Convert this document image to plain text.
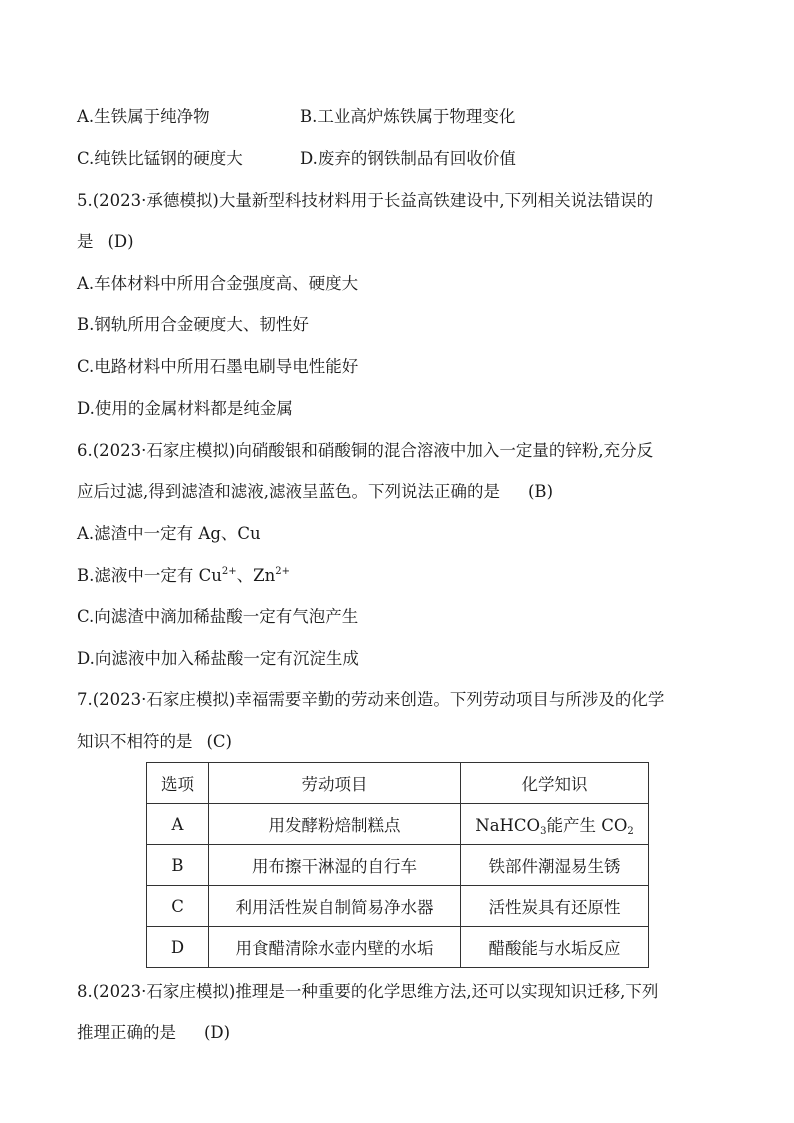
A.生铁属于纯净物	B.工业高炉炼铁属于物理变化
C.纯铁比锰钢的硬度大	D.废弃的钢铁制品有回收价值
5.(2023·承德模拟)大量新型科技材料用于长益高铁建设中,下列相关说法错误的
是 (D)
A.车体材料中所用合金强度高、硬度大
B.钢轨所用合金硬度大、韧性好
C.电路材料中所用石墨电刷导电性能好
D.使用的金属材料都是纯金属
6.(2023·石家庄模拟)向硝酸银和硝酸铜的混合溶液中加入一定量的锌粉,充分反
应后过滤,得到滤渣和滤液,滤液呈蓝色。下列说法正确的是 (B)
A.滤渣中一定有 Ag、Cu
B.滤液中一定有 $Cu^{2+}$、$Zn^{2+}$
C.向滤渣中滴加稀盐酸一定有气泡产生
D.向滤液中加入稀盐酸一定有沉淀生成
7.(2023·石家庄模拟)幸福需要辛勤的劳动来创造。下列劳动项目与所涉及的化学
知识不相符的是 (C)
选项	劳动项目	化学知识
A	用发酵粉焙制糕点	NaHCO$_3$能产生 $CO_2$
B	用布擦干淋湿的自行车	铁部件潮湿易生锈
C	利用活性炭自制简易净水器	活性炭具有还原性
D	用食醋清除水壶内壁的水垢	醋酸能与水垢反应
8.(2023·石家庄模拟)推理是一种重要的化学思维方法,还可以实现知识迁移,下列
推理正确的是 (D)
